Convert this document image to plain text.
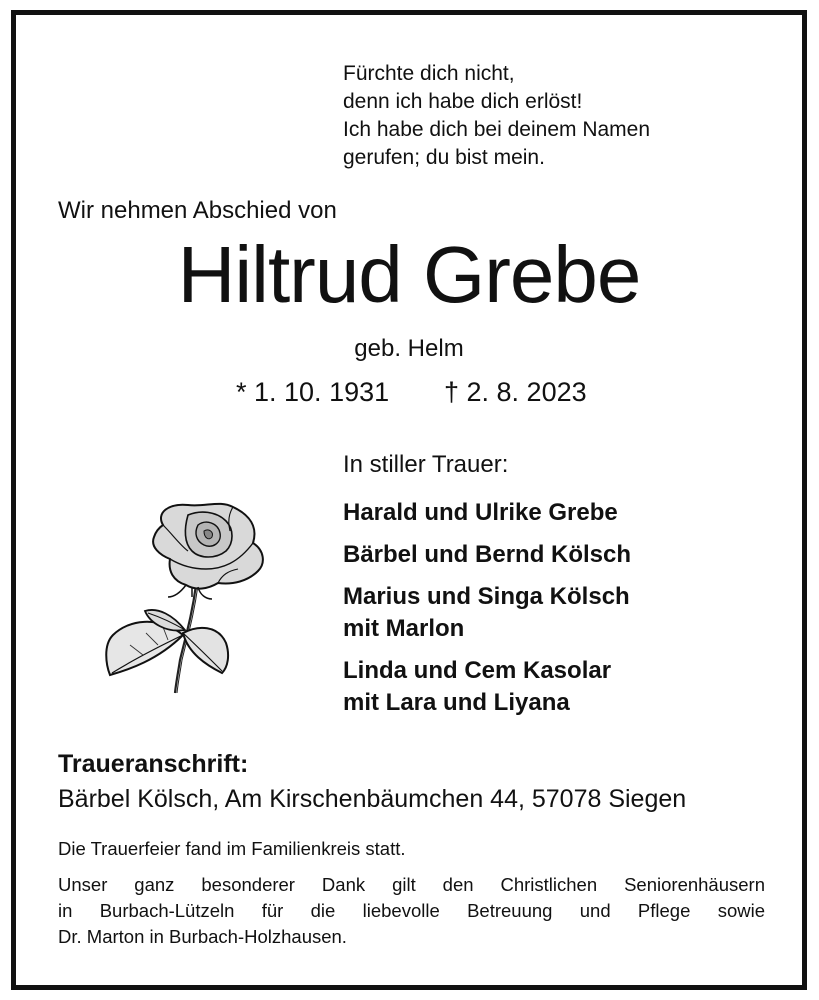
Fürchte dich nicht,
denn ich habe dich erlöst!
Ich habe dich bei deinem Namen
gerufen; du bist mein.

Wir nehmen Abschied von
Hiltrud Grebe
geb. Helm
* 1. 10. 1931 † 2. 8. 2023
In stiller Trauer:
Harald und Ulrike Grebe
Bärbel und Bernd Kölsch
Marius und Singa Kölsch
mit Marlon
Linda und Cem Kasolar
mit Lara und Liyana
Traueranschrift:
Bärbel Kölsch, Am Kirschenbäumchen 44, 57078 Siegen
Die Trauerfeier fand im Familienkreis statt.

Unser ganz besonderer Dank gilt den Christlichen Seniorenhäusern
in Burbach-Lützeln für die liebevolle Betreuung und Pflege sowie
Dr. Marton in Burbach-Holzhausen.
